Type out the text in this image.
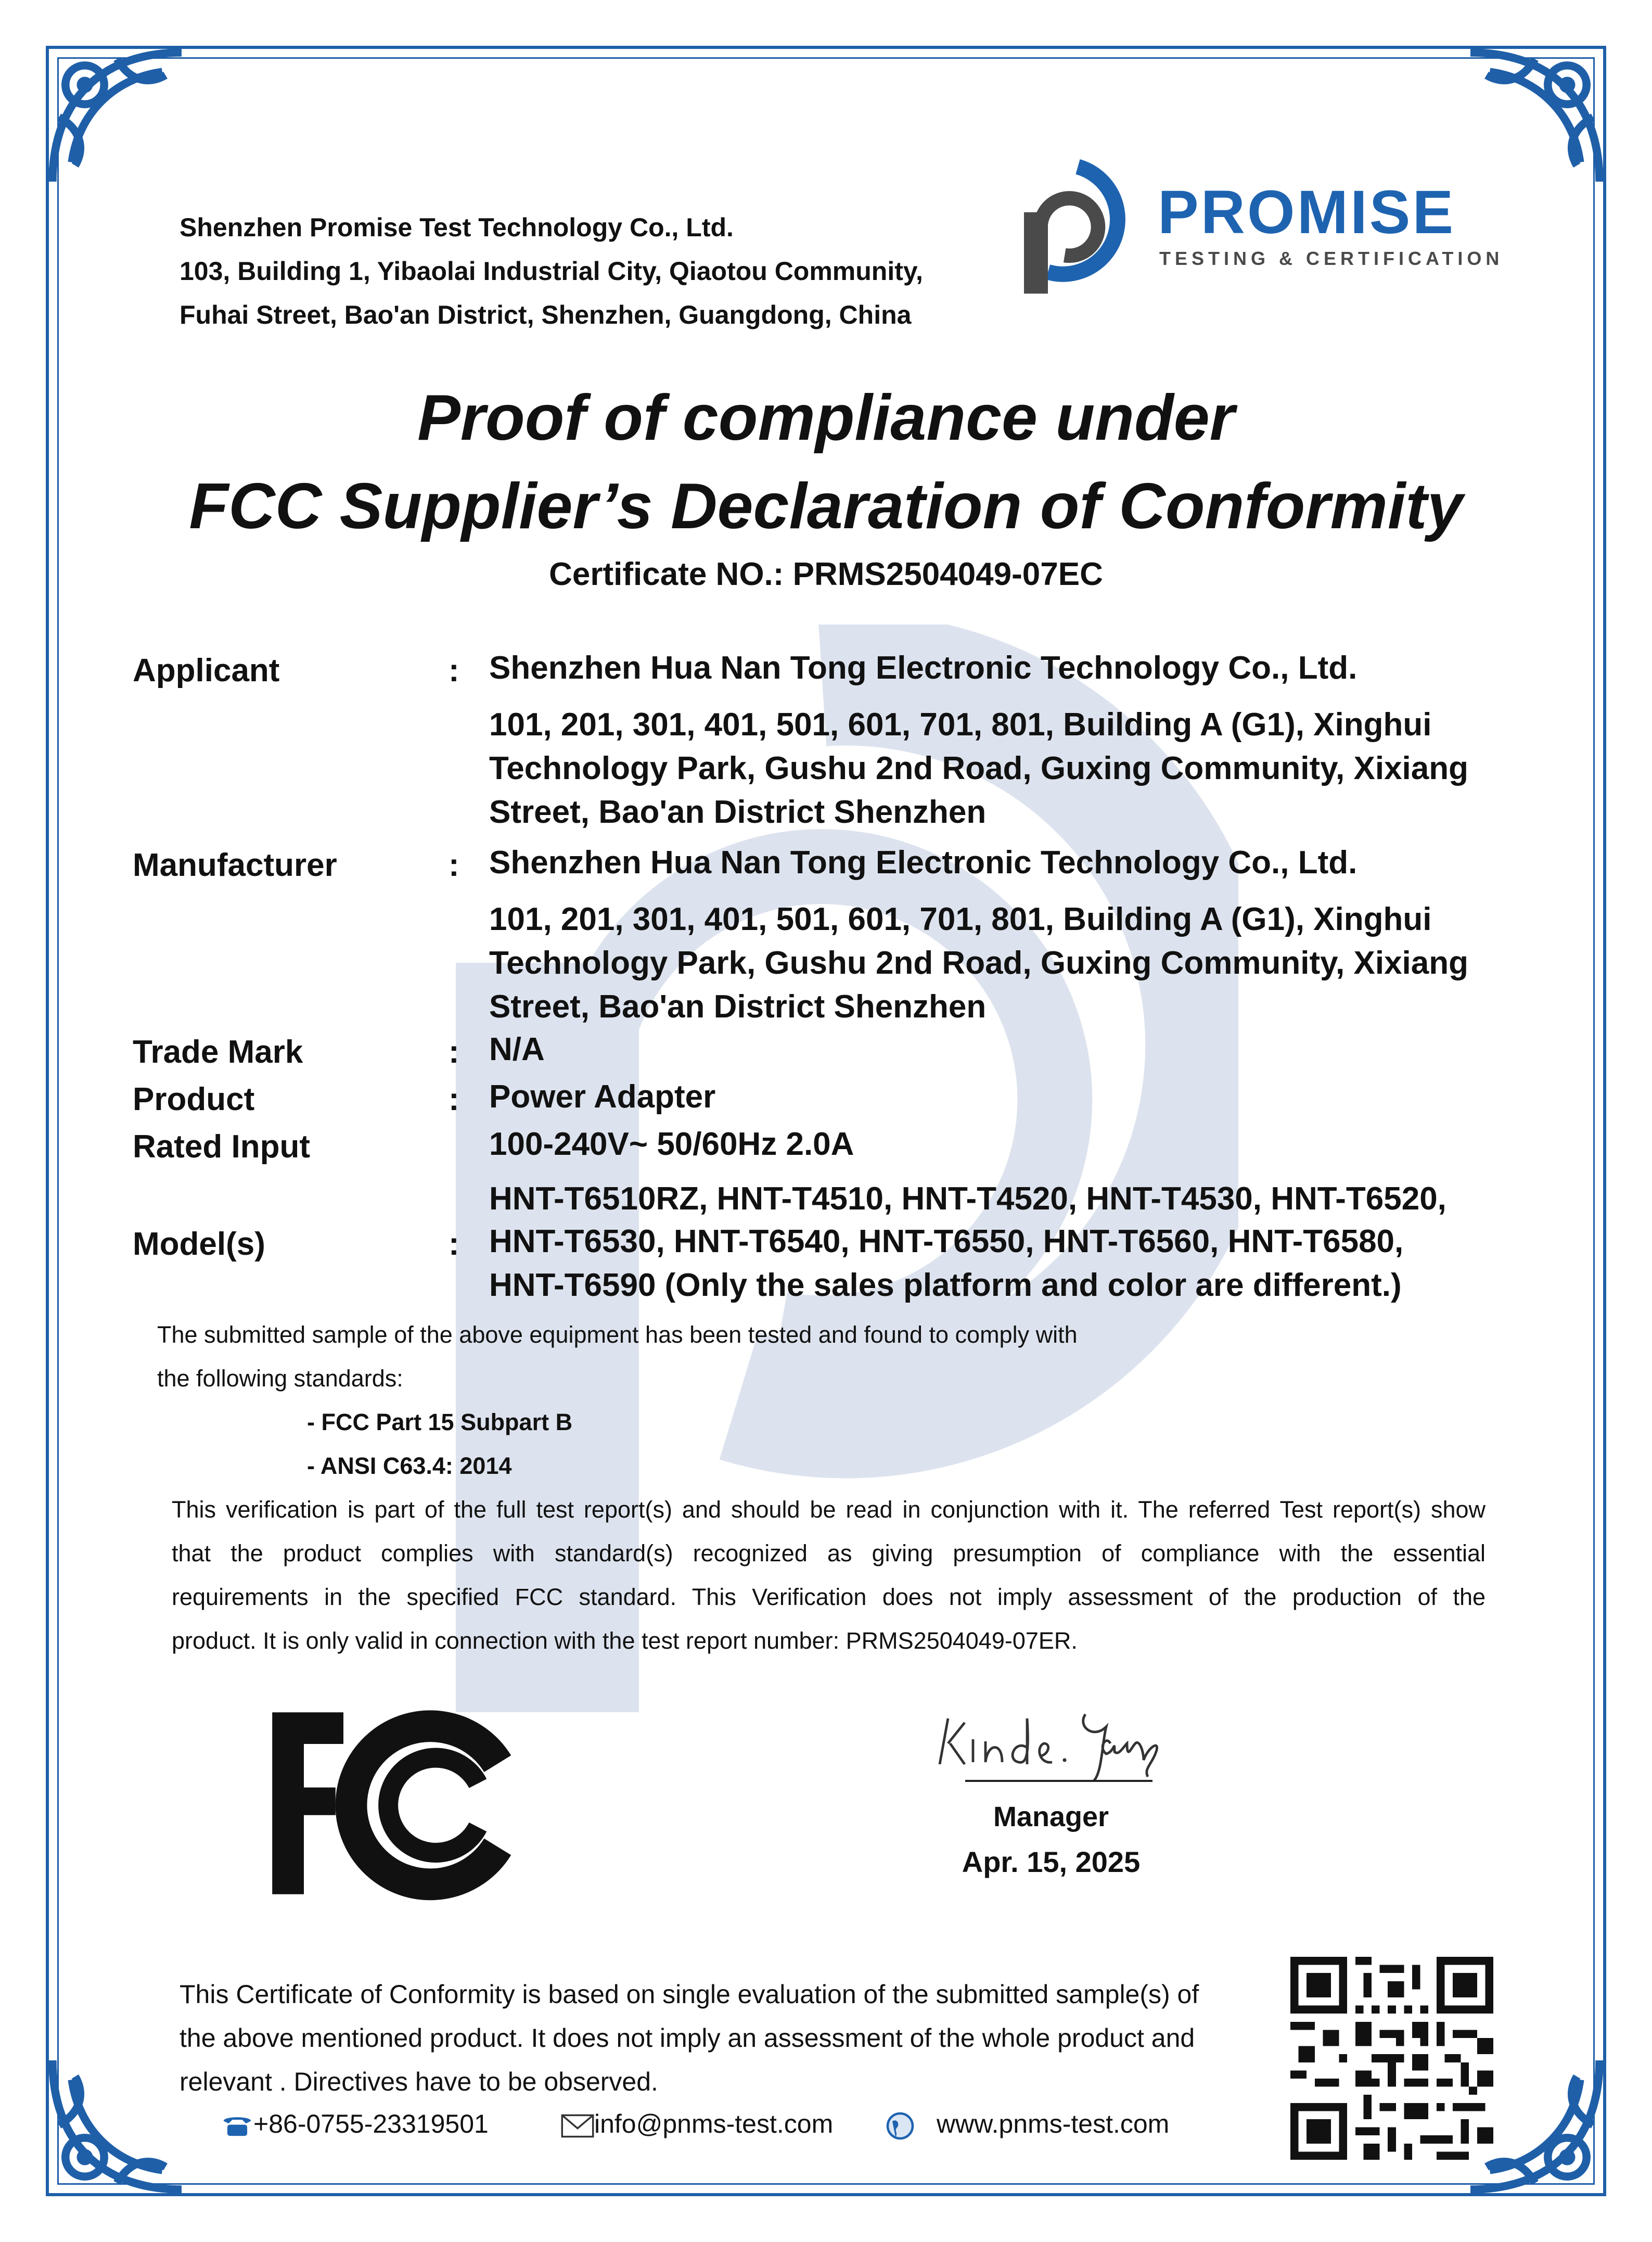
Shenzhen Promise Test Technology Co., Ltd.
103, Building 1, Yibaolai Industrial City, Qiaotou Community,
Fuhai Street, Bao'an District, Shenzhen, Guangdong, China
PROMISE
TESTING & CERTIFICATION
Proof of compliance under
FCC Supplier’s Declaration of Conformity
Certificate NO.: PRMS2504049-07EC
Applicant	: Shenzhen Hua Nan Tong Electronic Technology Co., Ltd.
101, 201, 301, 401, 501, 601, 701, 801, Building A (G1), Xinghui
Technology Park, Gushu 2nd Road, Guxing Community, Xixiang
Street, Bao'an District Shenzhen
Manufacturer	: Shenzhen Hua Nan Tong Electronic Technology Co., Ltd.
101, 201, 301, 401, 501, 601, 701, 801, Building A (G1), Xinghui
Technology Park, Gushu 2nd Road, Guxing Community, Xixiang
Street, Bao'an District Shenzhen
Trade Mark	: N/A
Product	: Power Adapter
Rated Input	100-240V~ 50/60Hz 2.0A
HNT-T6510RZ, HNT-T4510, HNT-T4520, HNT-T4530, HNT-T6520,
Model(s)	: HNT-T6530, HNT-T6540, HNT-T6550, HNT-T6560, HNT-T6580,
HNT-T6590 (Only the sales platform and color are different.)
The submitted sample of the above equipment has been tested and found to comply with
the following standards:
- FCC Part 15 Subpart B
- ANSI C63.4: 2014
This verification is part of the full test report(s) and should be read in conjunction with it. The referred Test report(s) show
that the product complies with standard(s) recognized as giving presumption of compliance with the essential
requirements in the specified FCC standard. This Verification does not imply assessment of the production of the
product. It is only valid in connection with the test report number: PRMS2504049-07ER.
Manager
Apr. 15, 2025
This Certificate of Conformity is based on single evaluation of the submitted sample(s) of
the above mentioned product. It does not imply an assessment of the whole product and
relevant . Directives have to be observed.
+86-0755-23319501	info@pnms-test.com	www.pnms-test.com
